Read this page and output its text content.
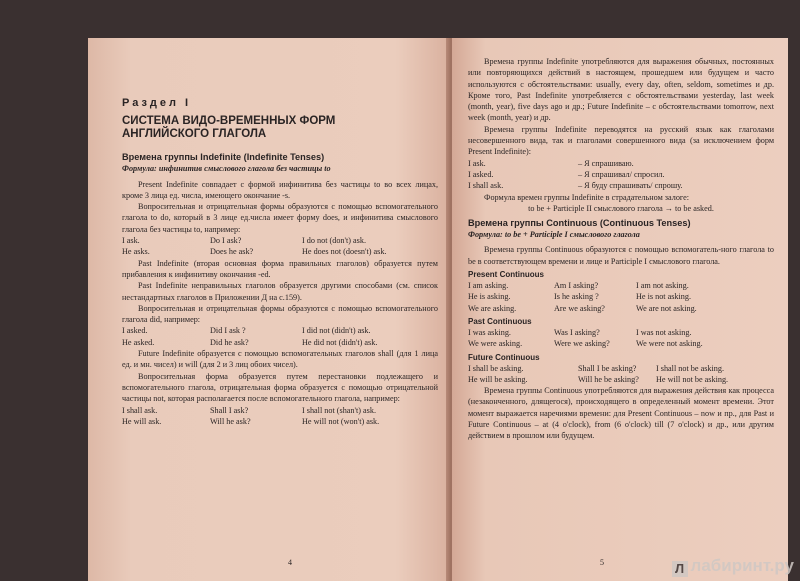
Раздел I
СИСТЕМА ВИДО-ВРЕМЕННЫХ ФОРМ
АНГЛИЙСКОГО ГЛАГОЛА
Времена группы Indefinite (Indefinite Tenses)
Формула: инфинитив смыслового глагола без частицы to

Present Indefinite совпадает с формой инфинитива без частицы to во всех лицах, кроме 3 лица ед. числа, имеющего окончание -s.

Вопросительная и отрицательная формы образуются с помощью вспомогательного глагола to do, который в 3 лице ед.числа имеет форму does, и инфинитива смыслового глагола без частицы to, например:

I ask.	Do I ask?	I do not (don't) ask.
He asks.	Does he ask?	He does not (doesn't) ask.

Past Indefinite (вторая основная форма правильных глаголов) образуется путем прибавления к инфинитиву окончания -ed.

Past Indefinite неправильных глаголов образуется другими способами (см. список нестандартных глаголов в Приложении Д на с.159).

Вопросительная и отрицательная формы образуются с помощью вспомогательного глагола did, например:

I asked.	Did I ask ?	I did not (didn't) ask.
He asked.	Did he ask?	He did not (didn't) ask.

Future Indefinite образуется с помощью вспомогательных глаголов shall (для 1 лица ед. и мн. чисел) и will (для 2 и 3 лиц обоих чисел).

Вопросительная форма образуется путем перестановки подлежащего и вспомогательного глагола, отрицательная форма образуется с помощью отрицательной частицы not, которая располагается после вспомогательного глагола, например:

I shall ask.	Shall I ask?	I shall not (shan't) ask.
He will ask.	Will he ask?	He will not (won't) ask.
4

Времена группы Indefinite употребляются для выражения обычных, постоянных или повторяющихся действий в настоящем, прошедшем или будущем и часто используются с обстоятельствами: usually, every day, often, seldom, sometimes и др. Кроме того, Past Indefinite употребляется с обстоятельствами yesterday, last week (month, year), five days ago и др.; Future Indefinite – с обстоятельствами tomorrow, next week (month, year) и др.

Времена группы Indefinite переводятся на русский язык как глаголами несовершенного вида, так и глаголами совершенного вида (за исключением форм Present Indefinite):

I ask.	– Я спрашиваю.
I asked.	– Я спрашивал/ спросил.
I shall ask.	– Я буду спрашивать/ спрошу.

Формула времен группы Indefinite в страдательном залоге:

to be + Participle II смыслового глагола → to be asked.

Времена группы Continuous (Continuous Tenses)
Формула: to be + Participle I смыслового глагола

Времена группы Continuous образуются с помощью вспомогатель-ного глагола to be в соответствующем времени и лице и Participle I смыслового глагола.

Present Continuous
I am asking.	Am I asking?	I am not asking.
He is asking.	Is he asking ?	He is not asking.
We are asking.	Are we asking?	We are not asking.
Past Continuous
I was asking.	Was I asking?	I was not asking.
We were asking.	Were we asking?	We were not asking.
Future Continuous
I shall be asking.	Shall I be asking?	I shall not be asking.
He will be asking.	Will he be asking?	He will not be asking.

Времена группы Continuous употребляются для выражения действия как процесса (незаконченного, длящегося), происходящего в определенный момент времени. Этот момент выражается наречиями времени: для Present Continuous – now и пр., для Past и Future Continuous – at (4 o'clock), from (6 o'clock) till (7 o'clock) и др., или другим действием в прошлом или будущем.

5	Л лабиринт.ру
